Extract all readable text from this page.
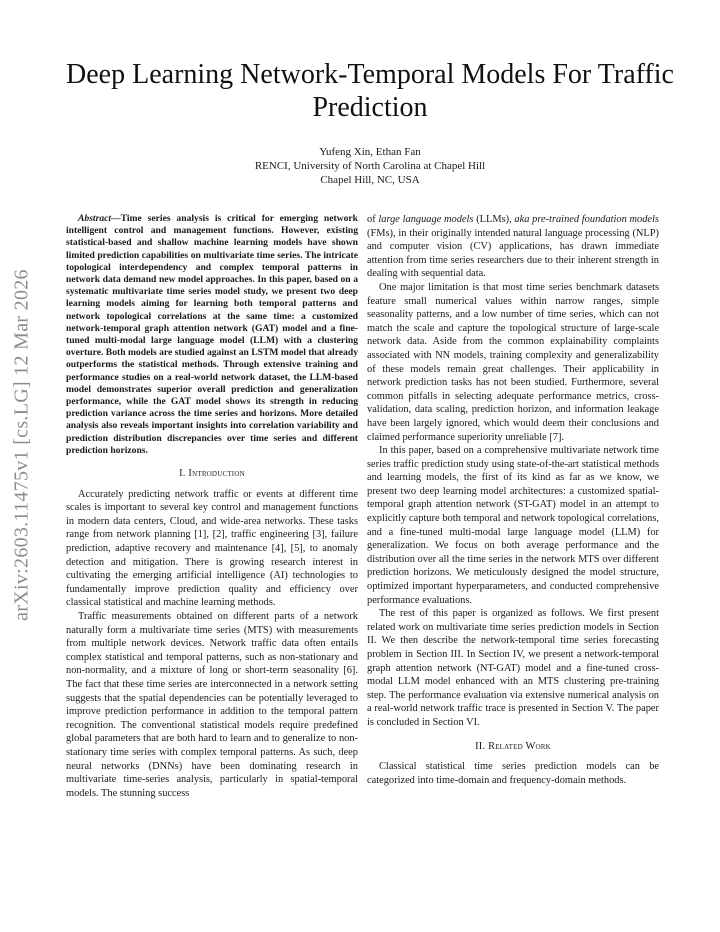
arXiv:2603.11475v1 [cs.LG] 12 Mar 2026
Deep Learning Network-Temporal Models For Traffic Prediction
Yufeng Xin, Ethan Fan
RENCI, University of North Carolina at Chapel Hill
Chapel Hill, NC, USA

Abstract—Time series analysis is critical for emerging network intelligent control and management functions. However, existing statistical-based and shallow machine learning models have shown limited prediction capabilities on multivariate time series. The intricate topological interdependency and complex temporal patterns in network data demand new model approaches. In this paper, based on a systematic multivariate time series model study, we present two deep learning models aiming for learning both temporal patterns and network topological correlations at the same time: a customized network-temporal graph attention network (GAT) model and a fine-tuned multi-modal large language model (LLM) with a clustering overture. Both models are studied against an LSTM model that already outperforms the statistical methods. Through extensive training and performance studies on a real-world network dataset, the LLM-based model demonstrates superior overall prediction and generalization performance, while the GAT model shows its strength in reducing prediction variance across the time series and horizons. More detailed analysis also reveals important insights into correlation variability and prediction distribution discrepancies over time series and different prediction horizons.

I. Introduction

Accurately predicting network traffic or events at different time scales is important to several key control and management functions in modern data centers, Cloud, and wide-area networks. These tasks range from network planning [1], [2], traffic engineering [3], failure prediction, adaptive recovery and maintenance [4], [5], to anomaly detection and mitigation. There is growing research interest in cultivating the emerging artificial intelligence (AI) technologies to fundamentally improve prediction quality and efficiency over classical statistical and machine learning methods.

Traffic measurements obtained on different parts of a network naturally form a multivariate time series (MTS) with measurements from multiple network devices. Network traffic data often entails complex statistical and temporal patterns, such as non-stationary and non-normality, and a mixture of long or short-term seasonality [6]. The fact that these time series are interconnected in a network setting suggests that the spatial dependencies can be potentially leveraged to improve prediction performance in addition to the temporal pattern recognition. The conventional statistical models require predefined global parameters that are both hard to learn and to generalize to non-stationary time series with complex temporal patterns. As such, deep neural networks (DNNs) have been dominating research in multivariate time-series analysis, particularly in spatial-temporal models. The stunning success

of large language models (LLMs), aka pre-trained foundation models (FMs), in their originally intended natural language processing (NLP) and computer vision (CV) applications, has drawn immediate attention from time series researchers due to their inherent strength in dealing with sequential data.

One major limitation is that most time series benchmark datasets feature small numerical values within narrow ranges, simple seasonality patterns, and a low number of time series, which can not match the scale and capture the topological structure of large-scale network data. Aside from the common explainability complaints associated with NN models, training complexity and generalizability of these models remain great challenges. Their applicability in network prediction tasks has not been studied. Furthermore, several common pitfalls in selecting adequate performance metrics, cross-validation, data scaling, prediction horizon, and information leakage have been largely ignored, which would deem their conclusions and claimed performance superiority unreliable [7].

In this paper, based on a comprehensive multivariate network time series traffic prediction study using state-of-the-art statistical methods and learning models, the first of its kind as far as we know, we present two deep learning model architectures: a customized spatial-temporal graph attention network (ST-GAT) model in an attempt to explicitly capture both temporal and network topological correlations, and a fine-tuned multi-modal large language model (LLM) for generalization. We focus on both average performance and the distribution over all the time series in the network MTS over different prediction horizons. We meticulously designed the model structure, optimized important hyperparameters, and conducted comprehensive performance evaluations.

The rest of this paper is organized as follows. We first present related work on multivariate time series prediction models in Section II. We then describe the network-temporal time series forecasting problem in Section III. In Section IV, we present a network-temporal graph attention network (NT-GAT) model and a fine-tuned cross-modal LLM model enhanced with an MTS clustering pre-training step. The performance evaluation via extensive numerical analysis on a real-world network traffic trace is presented in Section V. The paper is concluded in Section VI.

II. Related Work

Classical statistical time series prediction models can be categorized into time-domain and frequency-domain methods.
